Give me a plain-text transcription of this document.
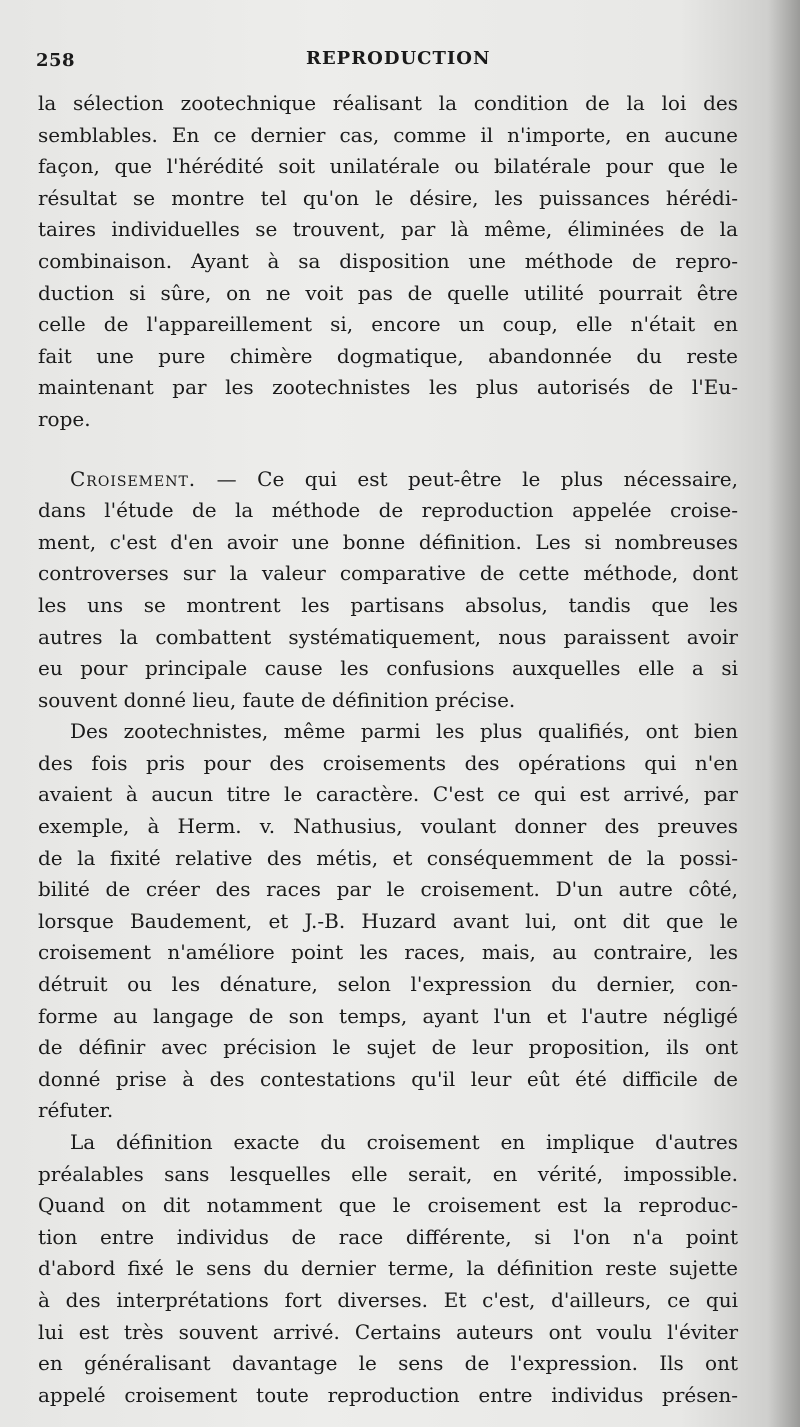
258	REPRODUCTION
la sélection zootechnique réalisant la condition de la loi des
semblables. En ce dernier cas, comme il n'importe, en aucune
façon, que l'hérédité soit unilatérale ou bilatérale pour que le
résultat se montre tel qu'on le désire, les puissances hérédi-
taires individuelles se trouvent, par là même, éliminées de la
combinaison. Ayant à sa disposition une méthode de repro-
duction si sûre, on ne voit pas de quelle utilité pourrait être
celle de l'appareillement si, encore un coup, elle n'était en
fait une pure chimère dogmatique, abandonnée du reste
maintenant par les zootechnistes les plus autorisés de l'Eu-
rope.
Croisement. — Ce qui est peut-être le plus nécessaire,
dans l'étude de la méthode de reproduction appelée croise-
ment, c'est d'en avoir une bonne définition. Les si nombreuses
controverses sur la valeur comparative de cette méthode, dont
les uns se montrent les partisans absolus, tandis que les
autres la combattent systématiquement, nous paraissent avoir
eu pour principale cause les confusions auxquelles elle a si
souvent donné lieu, faute de définition précise.
Des zootechnistes, même parmi les plus qualifiés, ont bien
des fois pris pour des croisements des opérations qui n'en
avaient à aucun titre le caractère. C'est ce qui est arrivé, par
exemple, à Herm. v. Nathusius, voulant donner des preuves
de la fixité relative des métis, et conséquemment de la possi-
bilité de créer des races par le croisement. D'un autre côté,
lorsque Baudement, et J.-B. Huzard avant lui, ont dit que le
croisement n'améliore point les races, mais, au contraire, les
détruit ou les dénature, selon l'expression du dernier, con-
forme au langage de son temps, ayant l'un et l'autre négligé
de définir avec précision le sujet de leur proposition, ils ont
donné prise à des contestations qu'il leur eût été difficile de
réfuter.
La définition exacte du croisement en implique d'autres
préalables sans lesquelles elle serait, en vérité, impossible.
Quand on dit notamment que le croisement est la reproduc-
tion entre individus de race différente, si l'on n'a point
d'abord fixé le sens du dernier terme, la définition reste sujette
à des interprétations fort diverses. Et c'est, d'ailleurs, ce qui
lui est très souvent arrivé. Certains auteurs ont voulu l'éviter
en généralisant davantage le sens de l'expression. Ils ont
appelé croisement toute reproduction entre individus présen-
